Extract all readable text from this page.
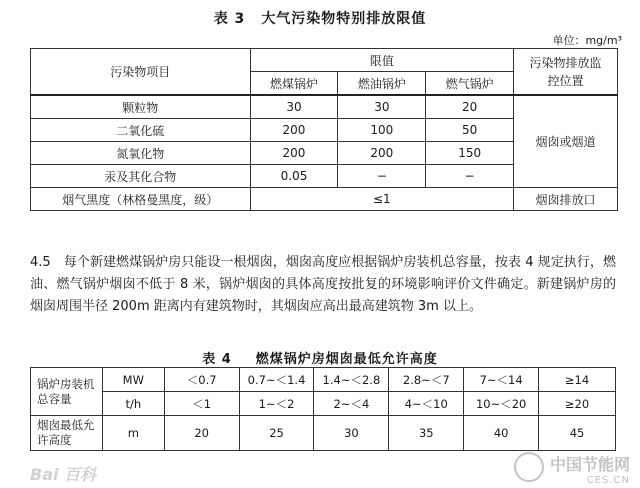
表 3 大气污染物特别排放限值
单位：mg/m³
污染物项目	限值			污染物排放监控位置
	燃煤锅炉	燃油锅炉	燃气锅炉	
颗粒物	30	30	20	烟囱或烟道
二氧化硫	200	100	50	
氮氧化物	200	200	150	
汞及其化合物	0.05	−	−	
烟气黑度（林格曼黑度，级）	≤1			烟囱排放口
4.5　每个新建燃煤锅炉房只能设一根烟囱，烟囱高度应根据锅炉房装机总容量，按表 4 规定执行，燃油、燃气锅炉烟囱不低于 8 米，锅炉烟囱的具体高度按批复的环境影响评价文件确定。新建锅炉房的烟囱周围半径 200m 距离内有建筑物时，其烟囱应高出最高建筑物 3m 以上。
表 4 燃煤锅炉房烟囱最低允许高度
锅炉房装机总容量	MW	＜0.7	0.7~＜1.4	1.4~＜2.8	2.8~＜7	7~＜14	≥14
	t/h	＜1	1~＜2	2~＜4	4~＜10	10~＜20	≥20
烟囱最低允许高度	m	20	25	30	35	40	45
Bai 百科
中国节能网
CES.CN
